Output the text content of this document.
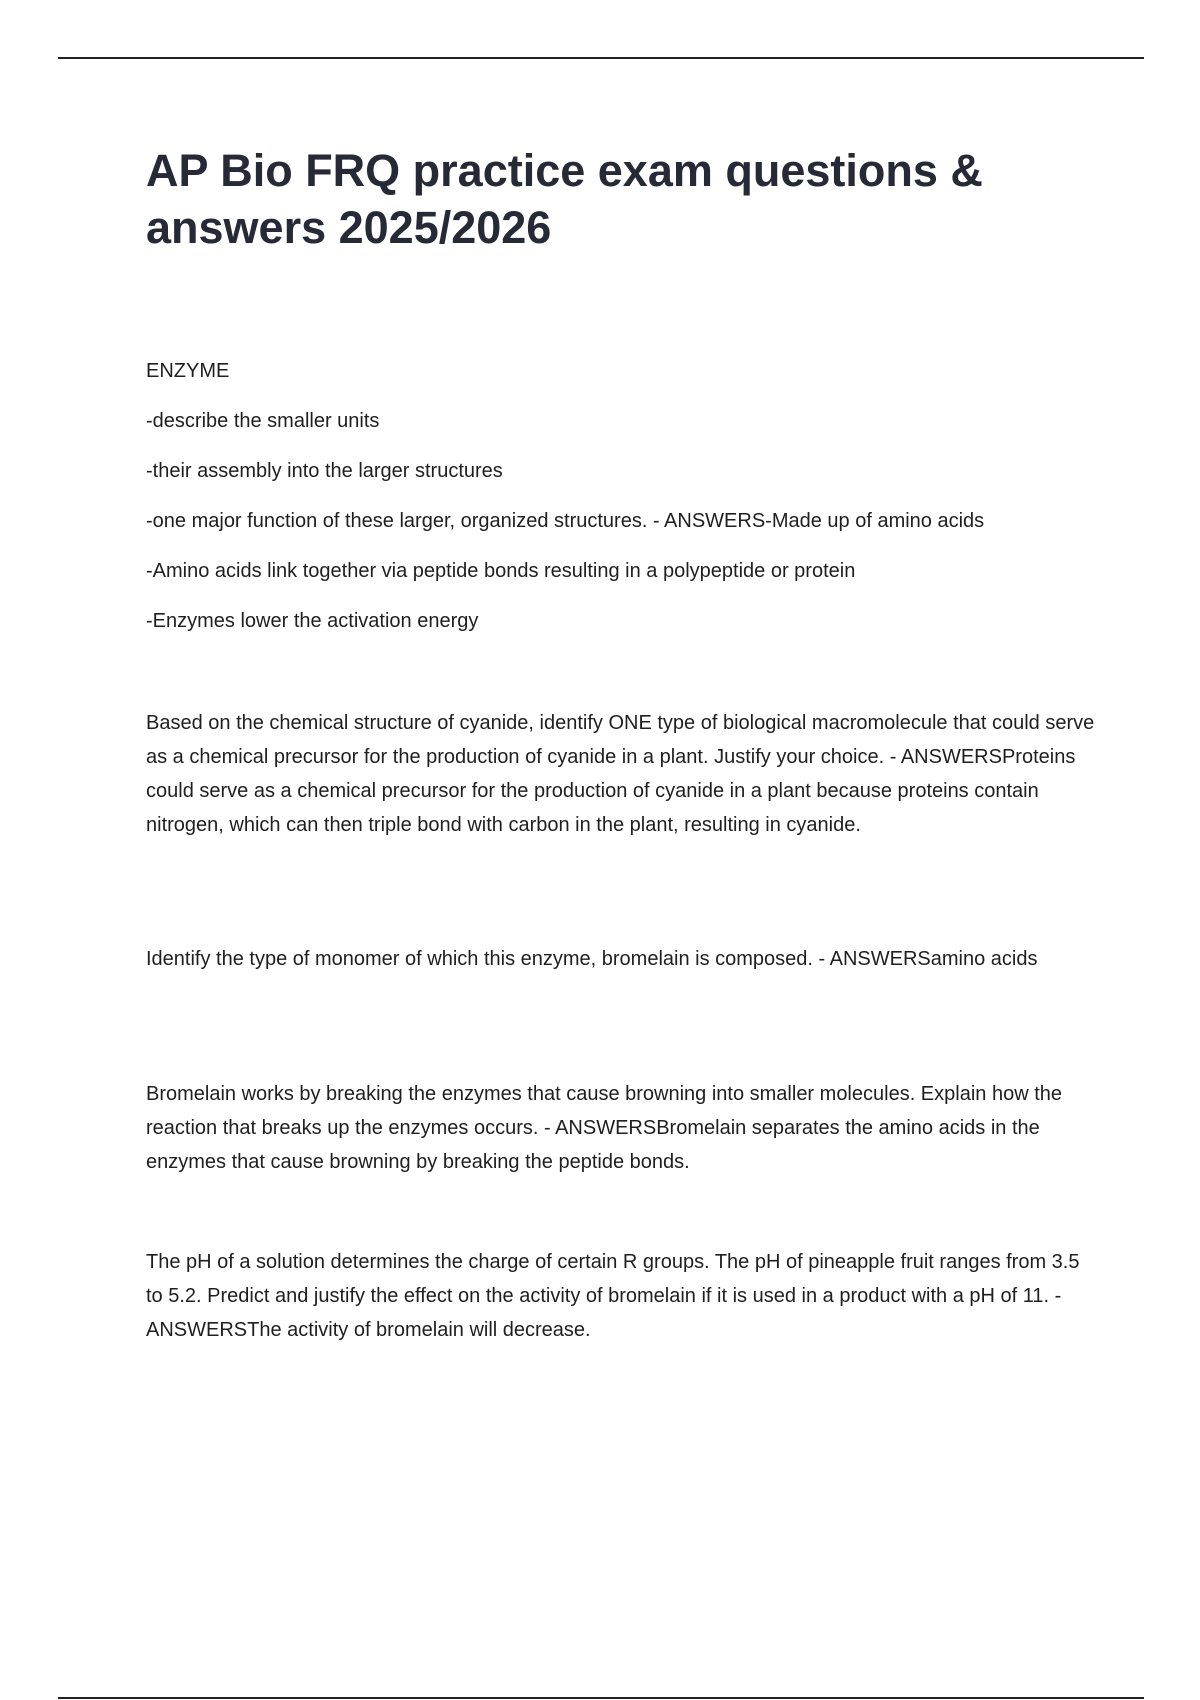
AP Bio FRQ practice exam questions & answers 2025/2026

ENZYME

-describe the smaller units

-their assembly into the larger structures

-one major function of these larger, organized structures. - ANSWERS-Made up of amino acids

-Amino acids link together via peptide bonds resulting in a polypeptide or protein

-Enzymes lower the activation energy

Based on the chemical structure of cyanide, identify ONE type of biological macromolecule that could serve as a chemical precursor for the production of cyanide in a plant. Justify your choice. - ANSWERSProteins could serve as a chemical precursor for the production of cyanide in a plant because proteins contain nitrogen, which can then triple bond with carbon in the plant, resulting in cyanide.

Identify the type of monomer of which this enzyme, bromelain is composed. - ANSWERSamino acids

Bromelain works by breaking the enzymes that cause browning into smaller molecules. Explain how the reaction that breaks up the enzymes occurs. - ANSWERSBromelain separates the amino acids in the enzymes that cause browning by breaking the peptide bonds.

The pH of a solution determines the charge of certain R groups. The pH of pineapple fruit ranges from 3.5 to 5.2. Predict and justify the effect on the activity of bromelain if it is used in a product with a pH of 11. - ANSWERSThe activity of bromelain will decrease.
